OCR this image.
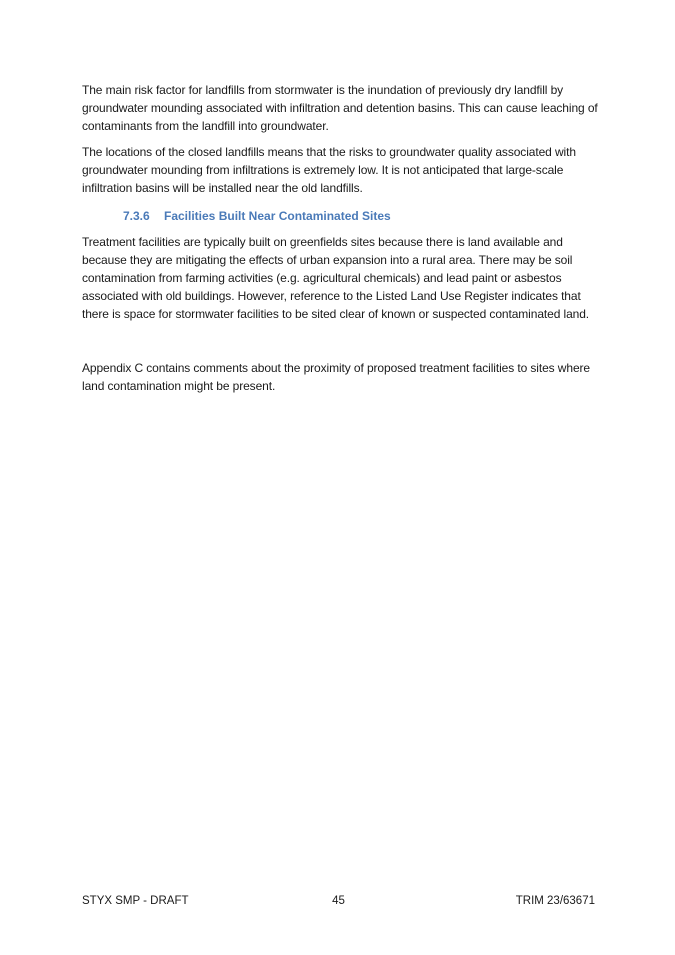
The main risk factor for landfills from stormwater is the inundation of previously dry landfill by groundwater mounding associated with infiltration and detention basins. This can cause leaching of contaminants from the landfill into groundwater.

The locations of the closed landfills means that the risks to groundwater quality associated with groundwater mounding from infiltrations is extremely low. It is not anticipated that large-scale infiltration basins will be installed near the old landfills.

7.3.6	Facilities Built Near Contaminated Sites

Treatment facilities are typically built on greenfields sites because there is land available and because they are mitigating the effects of urban expansion into a rural area. There may be soil contamination from farming activities (e.g. agricultural chemicals) and lead paint or asbestos associated with old buildings. However, reference to the Listed Land Use Register indicates that there is space for stormwater facilities to be sited clear of known or suspected contaminated land.

Appendix C contains comments about the proximity of proposed treatment facilities to sites where land contamination might be present.

STYX SMP - DRAFT	45	TRIM 23/63671
